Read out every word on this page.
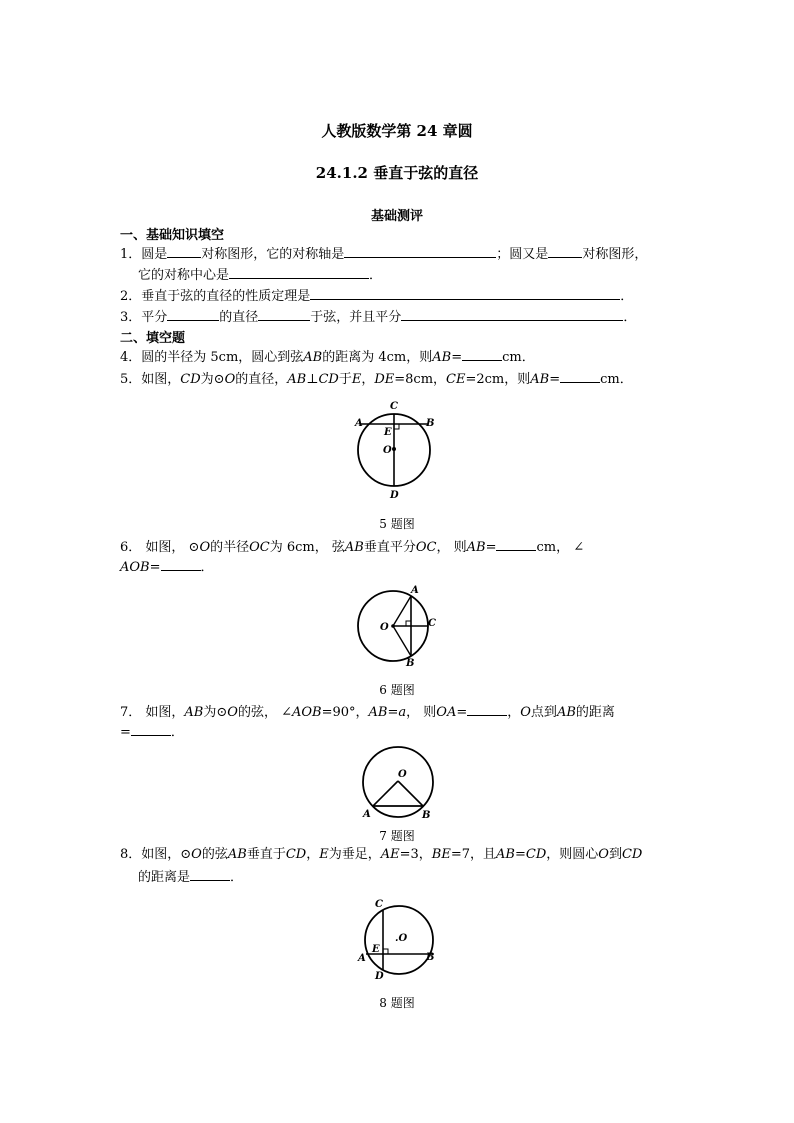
人教版数学第 24 章圆
24.1.2 垂直于弦的直径
基础测评
一、基础知识填空
1．圆是	对称图形，它的对称轴是	；圆又是	对称图形，
它的对称中心是	．
2．垂直于弦的直径的性质定理是	．
3．平分	的直径	于弦，并且平分	．
二、填空题
4．圆的半径为 5cm，圆心到弦AB的距离为 4cm，则AB=	cm．
5．如图，CD为⊙O的直径，AB⊥CD于E，DE=8cm，CE=2cm，则AB=	cm．
C
A	B
E
O
D
5 题图
6． 如图， ⊙O的半径OC为 6cm， 弦AB垂直平分OC， 则AB=	cm， ∠
AOB=	．
A
O	C
B
6 题图
7． 如图，AB为⊙O的弦， ∠AOB=90°，AB=a， 则OA=	，O点到AB的距离
=	．
O
A	B
7 题图
8．如图，⊙O的弦AB垂直于CD，E为垂足，AE=3，BE=7，且AB=CD，则圆心O到CD
的距离是	．
C
.O
E
A	B
D
8 题图
